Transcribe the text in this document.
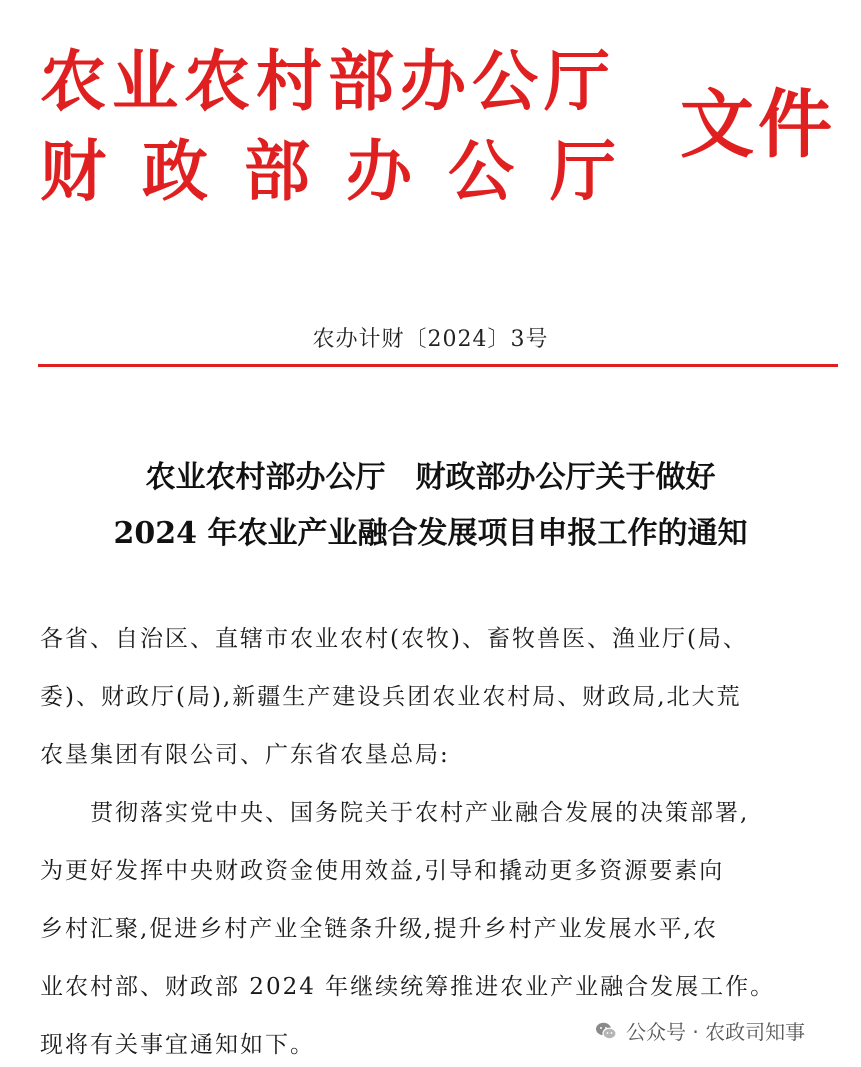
农业农村部办公厅
财政部办公厅
文件
农办计财〔2024〕3号
农业农村部办公厅　财政部办公厅关于做好
2024 年农业产业融合发展项目申报工作的通知
各省、自治区、直辖市农业农村(农牧)、畜牧兽医、渔业厅(局、
委)、财政厅(局),新疆生产建设兵团农业农村局、财政局,北大荒
农垦集团有限公司、广东省农垦总局:
　　贯彻落实党中央、国务院关于农村产业融合发展的决策部署,
为更好发挥中央财政资金使用效益,引导和撬动更多资源要素向
乡村汇聚,促进乡村产业全链条升级,提升乡村产业发展水平,农
业农村部、财政部 2024 年继续统筹推进农业产业融合发展工作。
现将有关事宜通知如下。	公众号 · 农政司知事
